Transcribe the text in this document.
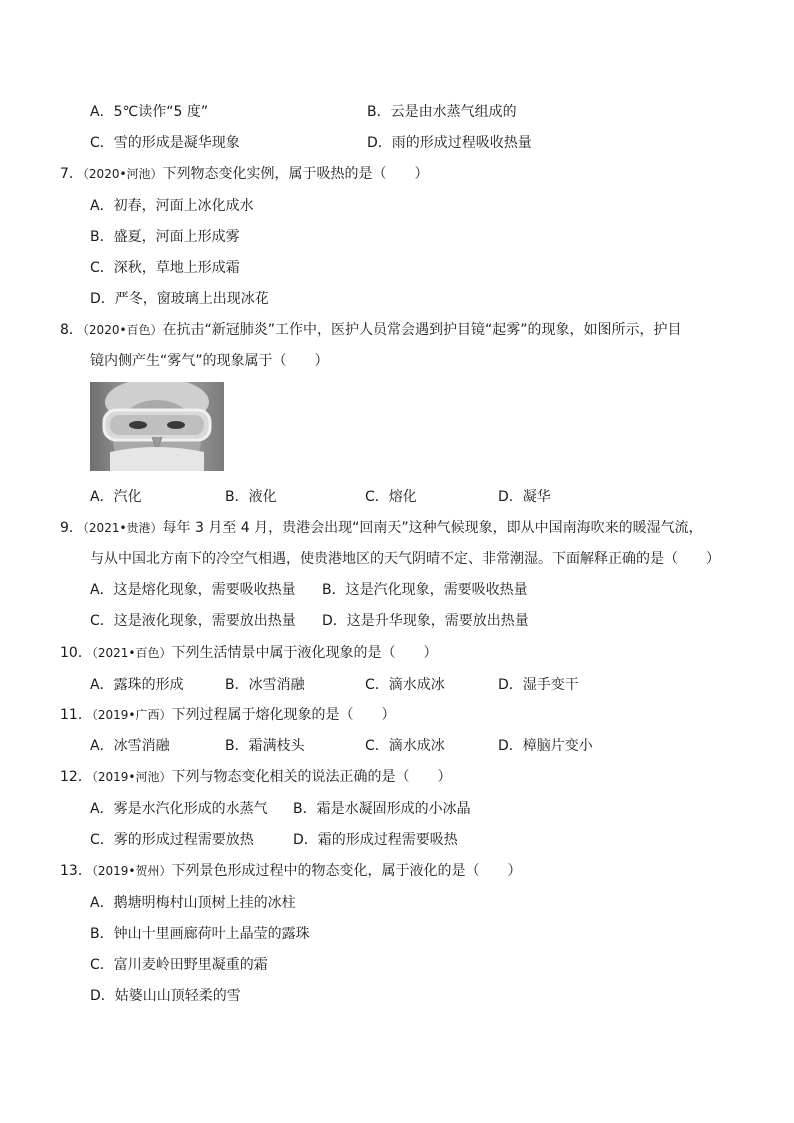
A．5℃读作“5 度”	B．云是由水蒸气组成的
C．雪的形成是凝华现象	D．雨的形成过程吸收热量
7．（2020•河池）下列物态变化实例，属于吸热的是（　　）
A．初春，河面上冰化成水
B．盛夏，河面上形成雾
C．深秋，草地上形成霜
D．严冬，窗玻璃上出现冰花
8．（2020•百色）在抗击“新冠肺炎”工作中，医护人员常会遇到护目镜“起雾”的现象，如图所示，护目
镜内侧产生“雾气”的现象属于（　　）
A．汽化	B．液化	C．熔化	D．凝华
9．（2021•贵港）每年 3 月至 4 月，贵港会出现“回南天”这种气候现象，即从中国南海吹来的暖湿气流，
与从中国北方南下的冷空气相遇，使贵港地区的天气阴晴不定、非常潮湿。下面解释正确的是（　　）
A．这是熔化现象，需要吸收热量 B．这是汽化现象，需要吸收热量
C．这是液化现象，需要放出热量 D．这是升华现象，需要放出热量
10．（2021•百色）下列生活情景中属于液化现象的是（　　）
A．露珠的形成	B．冰雪消融	C．滴水成冰	D．湿手变干
11．（2019•广西）下列过程属于熔化现象的是（　　）
A．冰雪消融	B．霜满枝头	C．滴水成冰	D．樟脑片变小
12．（2019•河池）下列与物态变化相关的说法正确的是（　　）
A．雾是水汽化形成的水蒸气 B．霜是水凝固形成的小冰晶
C．雾的形成过程需要放热	D．霜的形成过程需要吸热
13．（2019•贺州）下列景色形成过程中的物态变化，属于液化的是（　　）
A．鹅塘明梅村山顶树上挂的冰柱
B．钟山十里画廊荷叶上晶莹的露珠
C．富川麦岭田野里凝重的霜
D．姑婆山山顶轻柔的雪
